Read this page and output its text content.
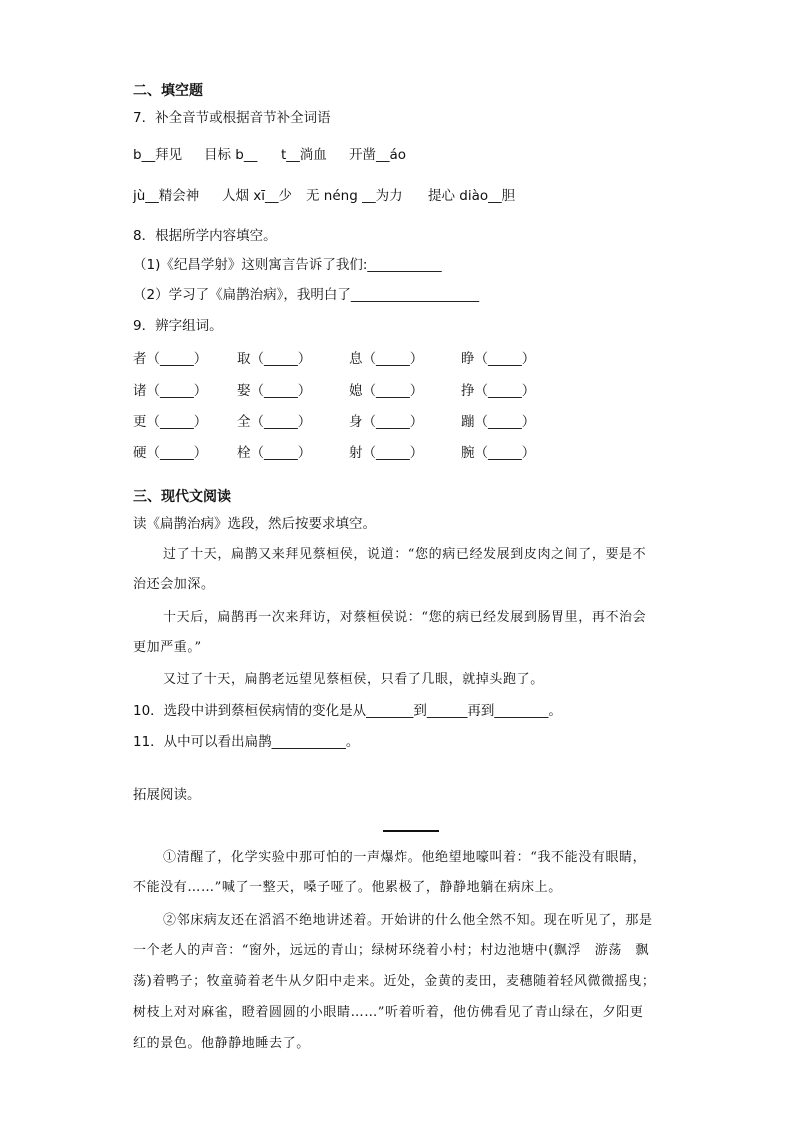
二、填空题
7．补全音节或根据音节补全词语
b__拜见 目标 b__ t__淌血 开凿__áo
jù__精会神 人烟 xī__少 无 néng __为力 提心 diào__胆
8．根据所学内容填空。
（1)《纪昌学射》这则寓言告诉了我们:___________
（2）学习了《扁鹊治病》，我明白了___________________
9．辨字组词。
者（_____） 取（_____）	息（_____）	睁（_____）
诸（_____） 娶（_____）	媳（_____）	挣（_____）
更（_____） 全（_____）	身（_____）	蹦（_____）
硬（_____） 栓（_____）	射（_____）	腕（_____）
三、现代文阅读
读《扁鹊治病》选段，然后按要求填空。
过了十天，扁鹊又来拜见蔡桓侯，说道：“您的病已经发展到皮肉之间了，要是不
治还会加深。
十天后，扁鹊再一次来拜访，对蔡桓侯说：“您的病已经发展到肠胃里，再不治会
更加严重。”
又过了十天，扁鹊老远望见蔡桓侯，只看了几眼，就掉头跑了。
10．选段中讲到蔡桓侯病情的变化是从_______到______再到________。
11．从中可以看出扁鹊___________。
拓展阅读。
①清醒了，化学实验中那可怕的一声爆炸。他绝望地嚎叫着：“我不能没有眼睛，
不能没有……”喊了一整天，嗓子哑了。他累极了，静静地躺在病床上。
②邻床病友还在滔滔不绝地讲述着。开始讲的什么他全然不知。现在听见了，那是
一个老人的声音：“窗外，远远的青山；绿树环绕着小村；村边池塘中(飘浮　游荡　飘
荡)着鸭子；牧童骑着老牛从夕阳中走来。近处，金黄的麦田，麦穗随着轻风微微摇曳；
树枝上对对麻雀，瞪着圆圆的小眼睛……”听着听着，他仿佛看见了青山绿在，夕阳更
红的景色。他静静地睡去了。
